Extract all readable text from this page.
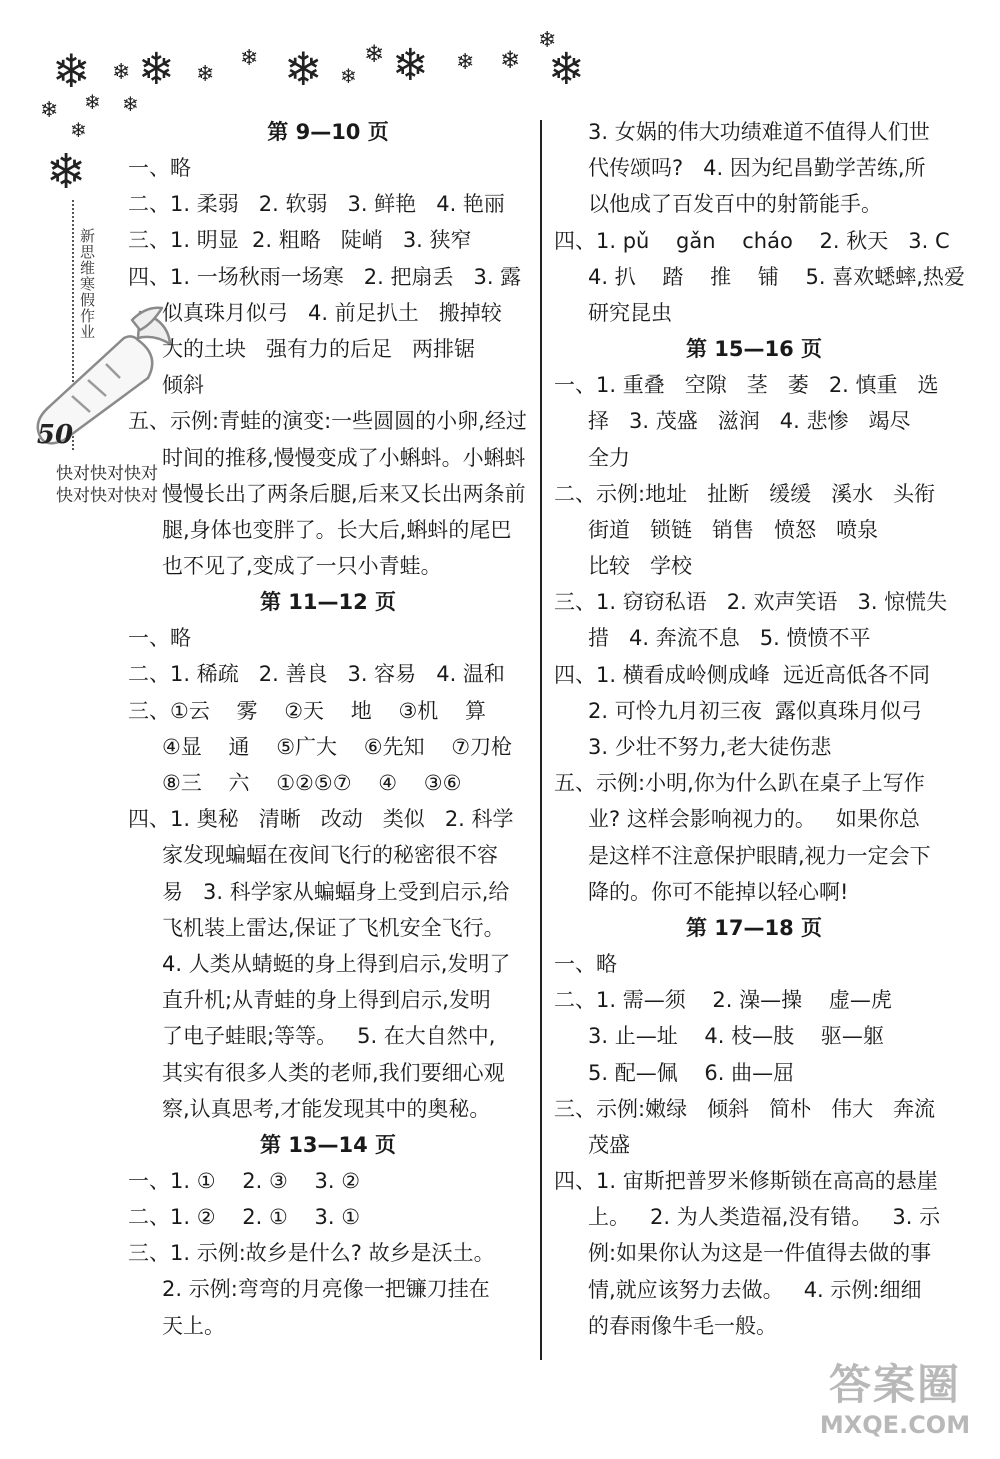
❄
❄ ❄
❄
❄
❄
❄ ❄
❄ ❄ ❄
❄ ❄ ❄ ❄
❄
❄
❄
新思维寒假作业
50
快对快对快对
快对快对快对
第 9—10 页
一、略
二、1. 柔弱   2. 软弱   3. 鲜艳   4. 艳丽
三、1. 明显  2. 粗略   陡峭   3. 狭窄
四、1. 一场秋雨一场寒   2. 把扇丢   3. 露
似真珠月似弓   4. 前足扒土   搬掉较
大的土块   强有力的后足   两排锯
倾斜
五、示例:青蛙的演变:一些圆圆的小卵,经过
时间的推移,慢慢变成了小蝌蚪。小蝌蚪
慢慢长出了两条后腿,后来又长出两条前
腿,身体也变胖了。长大后,蝌蚪的尾巴
也不见了,变成了一只小青蛙。
第 11—12 页
一、略
二、1. 稀疏   2. 善良   3. 容易   4. 温和
三、①云    雾    ②天    地    ③机    算
④显    通    ⑤广大    ⑥先知    ⑦刀枪
⑧三    六    ①②⑤⑦    ④    ③⑥
四、1. 奥秘   清晰   改动   类似   2. 科学
家发现蝙蝠在夜间飞行的秘密很不容
易   3. 科学家从蝙蝠身上受到启示,给
飞机装上雷达,保证了飞机安全飞行。
4. 人类从蜻蜓的身上得到启示,发明了
直升机;从青蛙的身上得到启示,发明
了电子蛙眼;等等。   5. 在大自然中,
其实有很多人类的老师,我们要细心观
察,认真思考,才能发现其中的奥秘。
第 13—14 页
一、1. ①    2. ③    3. ②
二、1. ②    2. ①    3. ①
三、1. 示例:故乡是什么? 故乡是沃土。
2. 示例:弯弯的月亮像一把镰刀挂在
天上。
3. 女娲的伟大功绩难道不值得人们世
代传颂吗?   4. 因为纪昌勤学苦练,所
以他成了百发百中的射箭能手。
四、1. pǔ    gǎn    cháo    2. 秋天   3. C
4. 扒    踏    推    铺    5. 喜欢蟋蟀,热爱
研究昆虫
第 15—16 页
一、1. 重叠   空隙   茎   萎   2. 慎重   选
择   3. 茂盛   滋润   4. 悲惨   竭尽
全力
二、示例:地址   扯断   缓缓   溪水   头衔
街道   锁链   销售   愤怒   喷泉
比较   学校
三、1. 窃窃私语   2. 欢声笑语   3. 惊慌失
措   4. 奔流不息   5. 愤愤不平
四、1. 横看成岭侧成峰  远近高低各不同
2. 可怜九月初三夜  露似真珠月似弓
3. 少壮不努力,老大徒伤悲
五、示例:小明,你为什么趴在桌子上写作
业? 这样会影响视力的。   如果你总
是这样不注意保护眼睛,视力一定会下
降的。你可不能掉以轻心啊!
第 17—18 页
一、略
二、1. 需—须    2. 澡—操    虚—虎
3. 止—址    4. 枝—肢    驱—躯
5. 配—佩    6. 曲—屈
三、示例:嫩绿   倾斜   简朴   伟大   奔流
茂盛
四、1. 宙斯把普罗米修斯锁在高高的悬崖
上。   2. 为人类造福,没有错。   3. 示
例:如果你认为这是一件值得去做的事
情,就应该努力去做。   4. 示例:细细
的春雨像牛毛一般。
答案圈
MXQE.COM
